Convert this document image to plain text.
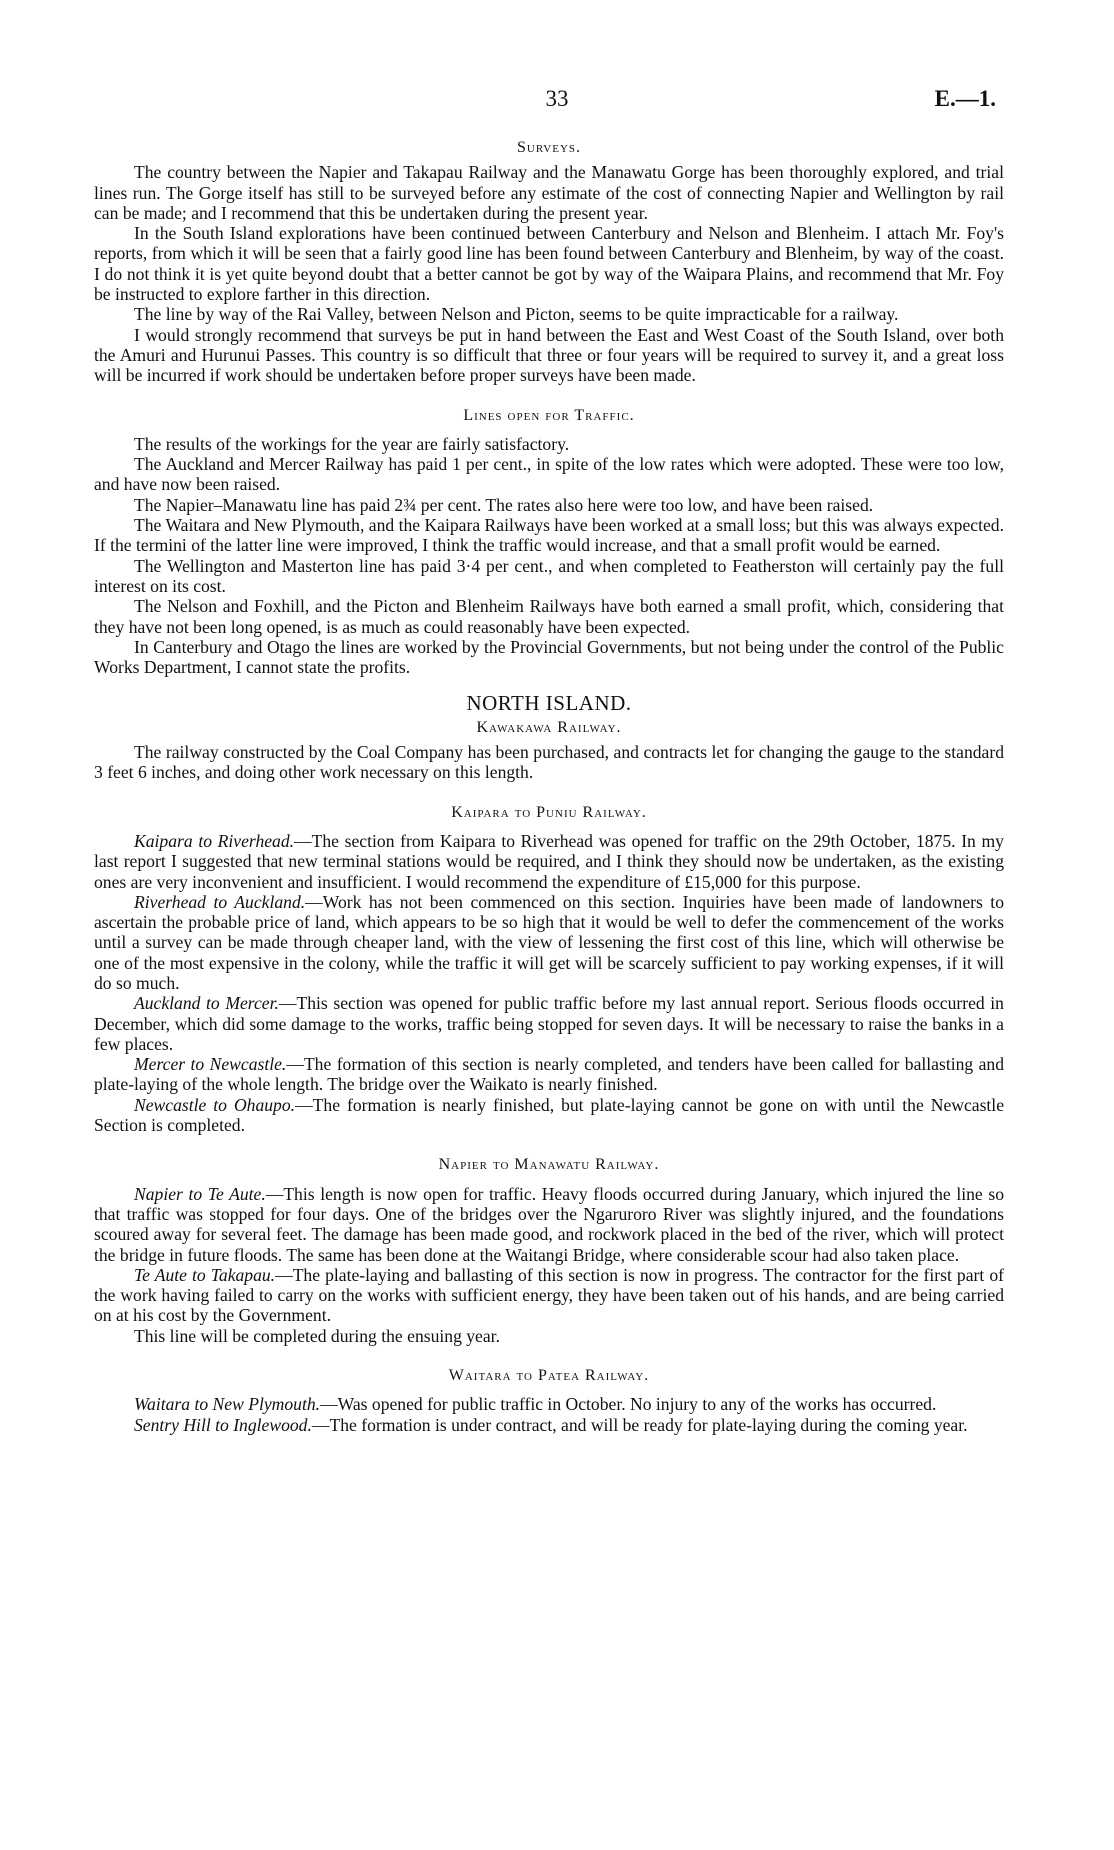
33	E.—1.
Surveys.

The country between the Napier and Takapau Railway and the Manawatu Gorge has been thoroughly explored, and trial lines run. The Gorge itself has still to be surveyed before any estimate of the cost of connecting Napier and Wellington by rail can be made; and I recommend that this be undertaken during the present year.

In the South Island explorations have been continued between Canterbury and Nelson and Blenheim. I attach Mr. Foy's reports, from which it will be seen that a fairly good line has been found between Canterbury and Blenheim, by way of the coast. I do not think it is yet quite beyond doubt that a better cannot be got by way of the Waipara Plains, and recommend that Mr. Foy be instructed to explore farther in this direction.

The line by way of the Rai Valley, between Nelson and Picton, seems to be quite impracticable for a railway.

I would strongly recommend that surveys be put in hand between the East and West Coast of the South Island, over both the Amuri and Hurunui Passes. This country is so difficult that three or four years will be required to survey it, and a great loss will be incurred if work should be undertaken before proper surveys have been made.

Lines open for Traffic.

The results of the workings for the year are fairly satisfactory.

The Auckland and Mercer Railway has paid 1 per cent., in spite of the low rates which were adopted. These were too low, and have now been raised.

The Napier–Manawatu line has paid 2¾ per cent. The rates also here were too low, and have been raised.

The Waitara and New Plymouth, and the Kaipara Railways have been worked at a small loss; but this was always expected. If the termini of the latter line were improved, I think the traffic would increase, and that a small profit would be earned.

The Wellington and Masterton line has paid 3·4 per cent., and when completed to Featherston will certainly pay the full interest on its cost.

The Nelson and Foxhill, and the Picton and Blenheim Railways have both earned a small profit, which, considering that they have not been long opened, is as much as could reasonably have been expected.

In Canterbury and Otago the lines are worked by the Provincial Governments, but not being under the control of the Public Works Department, I cannot state the profits.

NORTH ISLAND.
Kawakawa Railway.

The railway constructed by the Coal Company has been purchased, and contracts let for changing the gauge to the standard 3 feet 6 inches, and doing other work necessary on this length.

Kaipara to Puniu Railway.

Kaipara to Riverhead.—The section from Kaipara to Riverhead was opened for traffic on the 29th October, 1875. In my last report I suggested that new terminal stations would be required, and I think they should now be undertaken, as the existing ones are very inconvenient and insufficient. I would recommend the expenditure of £15,000 for this purpose.

Riverhead to Auckland.—Work has not been commenced on this section. Inquiries have been made of landowners to ascertain the probable price of land, which appears to be so high that it would be well to defer the commencement of the works until a survey can be made through cheaper land, with the view of lessening the first cost of this line, which will otherwise be one of the most expensive in the colony, while the traffic it will get will be scarcely sufficient to pay working expenses, if it will do so much.

Auckland to Mercer.—This section was opened for public traffic before my last annual report. Serious floods occurred in December, which did some damage to the works, traffic being stopped for seven days. It will be necessary to raise the banks in a few places.

Mercer to Newcastle.—The formation of this section is nearly completed, and tenders have been called for ballasting and plate-laying of the whole length. The bridge over the Waikato is nearly finished.

Newcastle to Ohaupo.—The formation is nearly finished, but plate-laying cannot be gone on with until the Newcastle Section is completed.

Napier to Manawatu Railway.

Napier to Te Aute.—This length is now open for traffic. Heavy floods occurred during January, which injured the line so that traffic was stopped for four days. One of the bridges over the Ngaruroro River was slightly injured, and the foundations scoured away for several feet. The damage has been made good, and rockwork placed in the bed of the river, which will protect the bridge in future floods. The same has been done at the Waitangi Bridge, where considerable scour had also taken place.

Te Aute to Takapau.—The plate-laying and ballasting of this section is now in progress. The contractor for the first part of the work having failed to carry on the works with sufficient energy, they have been taken out of his hands, and are being carried on at his cost by the Government.

This line will be completed during the ensuing year.

Waitara to Patea Railway.

Waitara to New Plymouth.—Was opened for public traffic in October. No injury to any of the works has occurred.

Sentry Hill to Inglewood.—The formation is under contract, and will be ready for plate-laying during the coming year.
